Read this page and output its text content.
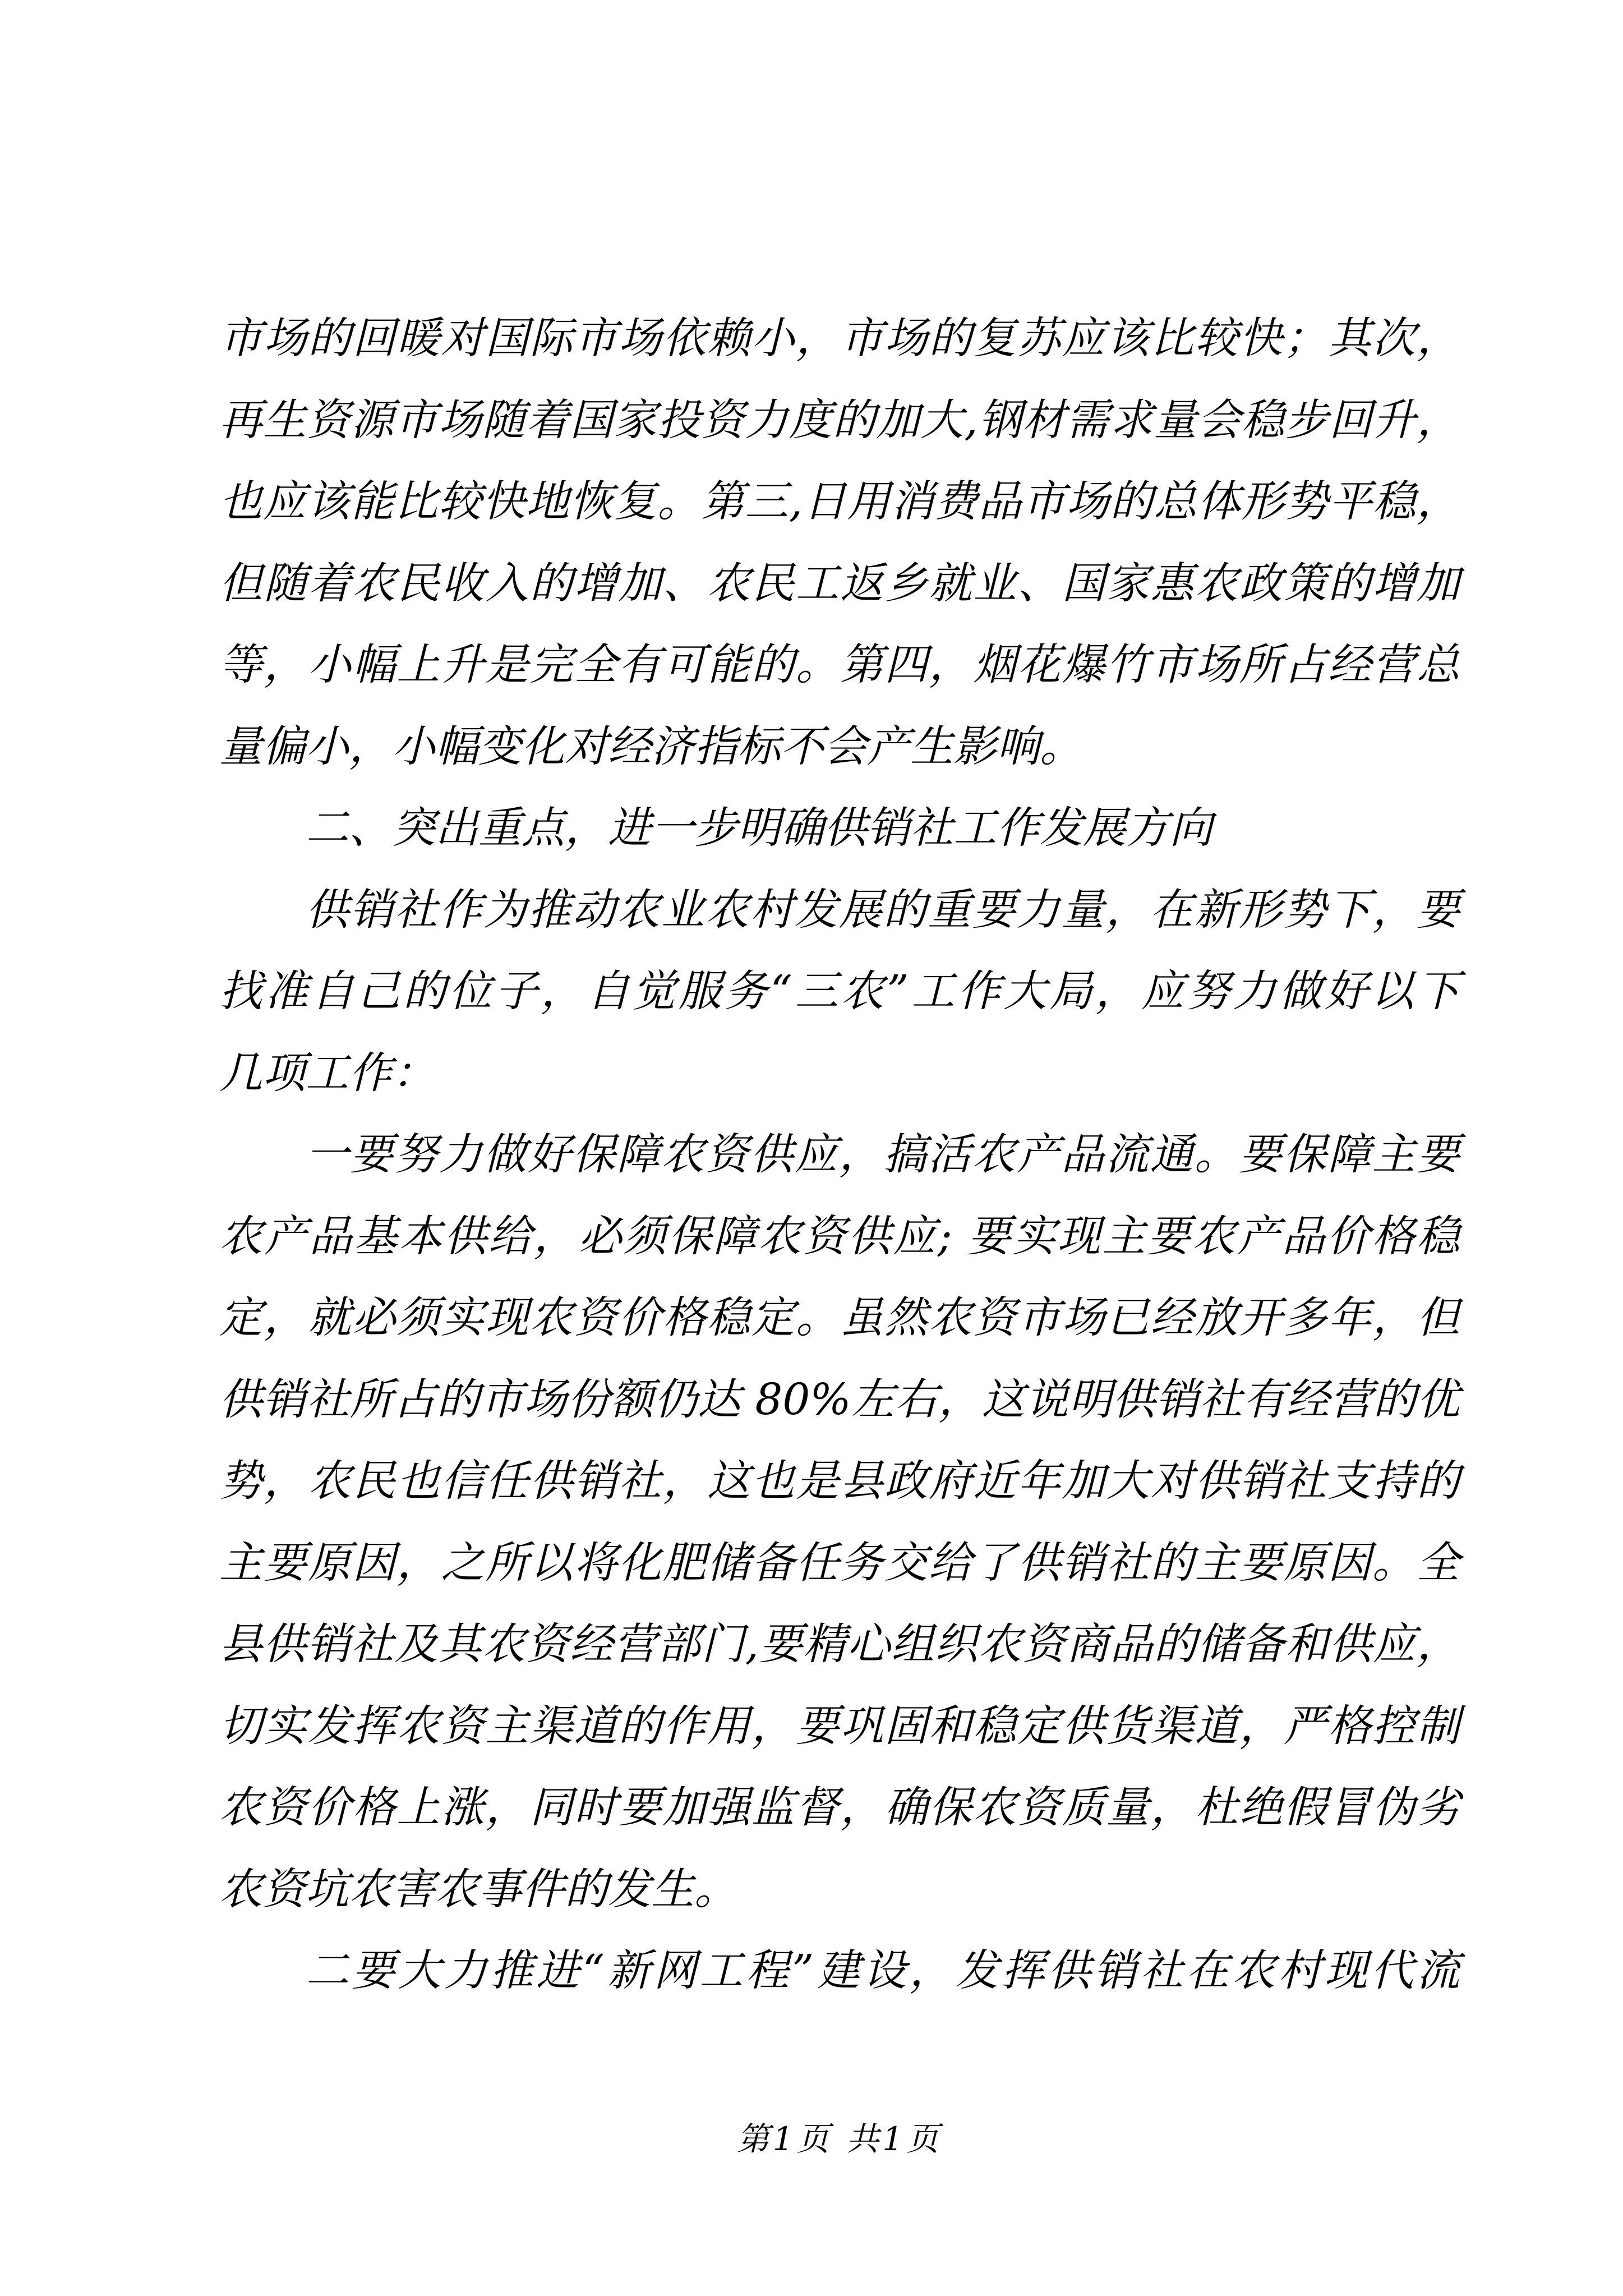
市场的回暖对国际市场依赖小，市场的复苏应该比较快；其次，
再生资源市场随着国家投资力度的加大,钢材需求量会稳步回升，
也应该能比较快地恢复。第三,日用消费品市场的总体形势平稳，
但随着农民收入的增加、农民工返乡就业、国家惠农政策的增加
等，小幅上升是完全有可能的。第四，烟花爆竹市场所占经营总
量偏小，小幅变化对经济指标不会产生影响。
二、突出重点，进一步明确供销社工作发展方向
供销社作为推动农业农村发展的重要力量，在新形势下，要
找准自己的位子，自觉服务“三农”工作大局，应努力做好以下
几项工作：
一要努力做好保障农资供应，搞活农产品流通。要保障主要
农产品基本供给，必须保障农资供应; 要实现主要农产品价格稳
定，就必须实现农资价格稳定。虽然农资市场已经放开多年，但
供销社所占的市场份额仍达 80%左右，这说明供销社有经营的优
势，农民也信任供销社，这也是县政府近年加大对供销社支持的
主要原因，之所以将化肥储备任务交给了供销社的主要原因。全
县供销社及其农资经营部门,要精心组织农资商品的储备和供应，
切实发挥农资主渠道的作用，要巩固和稳定供货渠道，严格控制
农资价格上涨，同时要加强监督，确保农资质量，杜绝假冒伪劣
农资坑农害农事件的发生。
二要大力推进“新网工程”建设，发挥供销社在农村现代流
第1页 共1页
